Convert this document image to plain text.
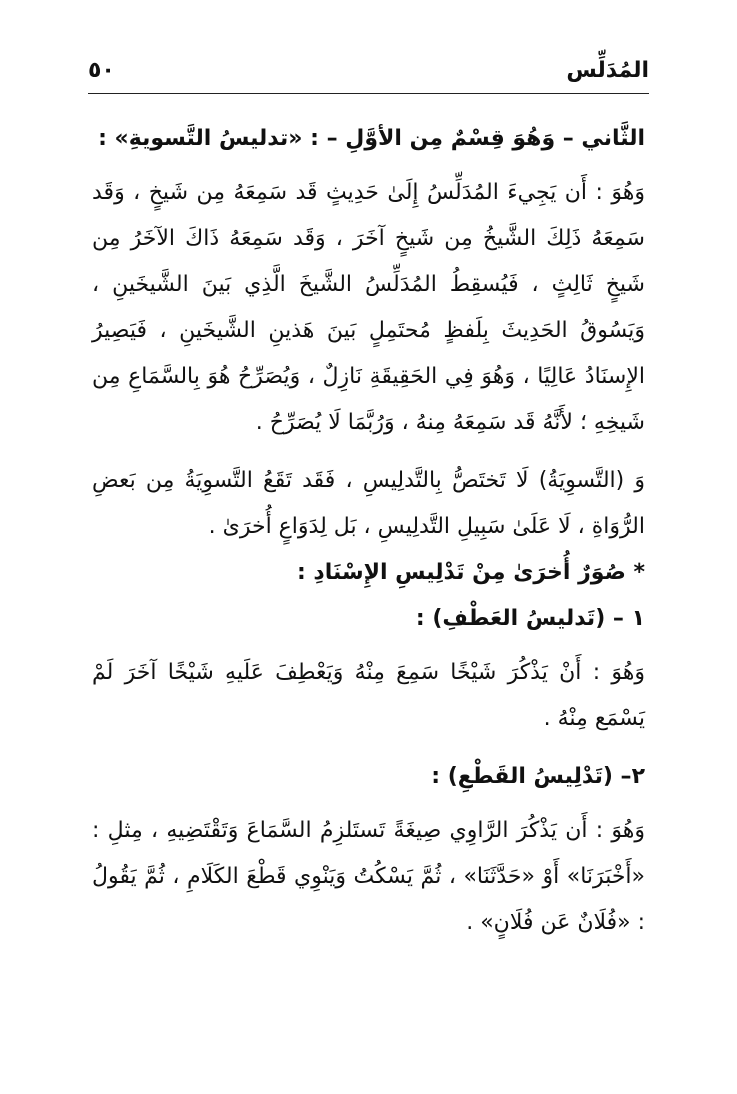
المُدَلِّس
٥٠

الثَّاني – وَهُوَ قِسْمٌ مِن الأوَّلِ – : «تدليسُ التَّسويةِ» :

وَهُوَ : أَن يَجِيءَ المُدَلِّسُ إِلَىٰ حَدِيثٍ قَد سَمِعَهُ مِن شَيخٍ ، وَقَد سَمِعَهُ ذَلِكَ الشَّيخُ مِن شَيخٍ آخَرَ ، وَقَد سَمِعَهُ ذَاكَ الآخَرُ مِن شَيخٍ ثَالِثٍ ، فَيُسقِطُ المُدَلِّسُ الشَّيخَ الَّذِي بَينَ الشَّيخَينِ ، وَيَسُوقُ الحَدِيثَ بِلَفظٍ مُحتَمِلٍ بَينَ هَذينِ الشَّيخَينِ ، فَيَصِيرُ الإِسنَادُ عَالِيًا ، وَهُوَ فِي الحَقِيقَةِ نَازِلٌ ، وَيُصَرِّحُ هُوَ بِالسَّمَاعِ مِن شَيخِهِ ؛ لأَنَّهُ قَد سَمِعَهُ مِنهُ ، وَرُبَّمَا لَا يُصَرِّحُ .

وَ (التَّسوِيَةُ) لَا تَختَصُّ بِالتَّدلِيسِ ، فَقَد تَقَعُ التَّسوِيَةُ مِن بَعضِ الرُّوَاةِ ، لَا عَلَىٰ سَبِيلِ التَّدلِيسِ ، بَل لِدَوَاعٍ أُخرَىٰ .

* صُوَرٌ أُخرَىٰ مِنْ تَدْلِيسِ الإِسْنَادِ :

١ – (تَدليسُ العَطْفِ) :

وَهُوَ : أَنْ يَذْكُرَ شَيْخًا سَمِعَ مِنْهُ وَيَعْطِفَ عَلَيهِ شَيْخًا آخَرَ لَمْ يَسْمَع مِنْهُ .

٢– (تَدْلِيسُ القَطْعِ) :

وَهُوَ : أَن يَذْكُرَ الرَّاوِي صِيغَةً تَستَلزِمُ السَّمَاعَ وَتَقْتَضِيهِ ، مِثلِ : «أَخْبَرَنَا» أَوْ «حَدَّثَنَا» ، ثُمَّ يَسْكُتُ وَيَنْوِي قَطْعَ الكَلَامِ ، ثُمَّ يَقُولُ : «فُلَانٌ عَن فُلَانٍ» .
